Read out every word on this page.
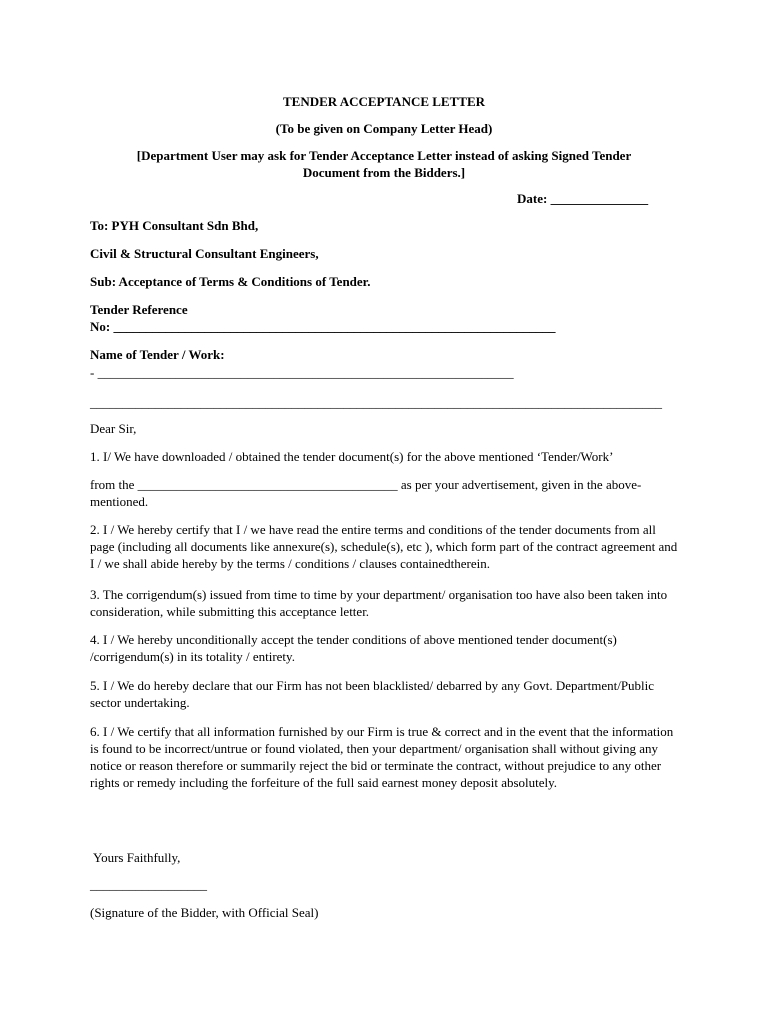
TENDER ACCEPTANCE LETTER
(To be given on Company Letter Head)
[Department User may ask for Tender Acceptance Letter instead of asking Signed Tender
Document from the Bidders.]
Date: _______________
To: PYH Consultant Sdn Bhd,
Civil & Structural Consultant Engineers,
Sub: Acceptance of Terms & Conditions of Tender.
Tender Reference
No: ____________________________________________________________________
Name of Tender / Work:
- ________________________________________________________________
________________________________________________________________________________________
Dear Sir,
1. I/ We have downloaded / obtained the tender document(s) for the above mentioned ‘Tender/Work’
from the ________________________________________ as per your advertisement, given in the above-
mentioned.
2. I / We hereby certify that I / we have read the entire terms and conditions of the tender documents from all page (including all documents like annexure(s), schedule(s), etc ), which form part of the contract agreement and I / we shall abide hereby by the terms / conditions / clauses containedtherein.
3. The corrigendum(s) issued from time to time by your department/ organisation too have also been taken into consideration, while submitting this acceptance letter.
4. I / We hereby unconditionally accept the tender conditions of above mentioned tender document(s) /corrigendum(s) in its totality / entirety.
5. I / We do hereby declare that our Firm has not been blacklisted/ debarred by any Govt. Department/Public sector undertaking.
6. I / We certify that all information furnished by our Firm is true & correct and in the event that the information is found to be incorrect/untrue or found violated, then your department/ organisation shall without giving any notice or reason therefore or summarily reject the bid or terminate the contract, without prejudice to any other rights or remedy including the forfeiture of the full said earnest money deposit absolutely.
Yours Faithfully,
__________________
(Signature of the Bidder, with Official Seal)
